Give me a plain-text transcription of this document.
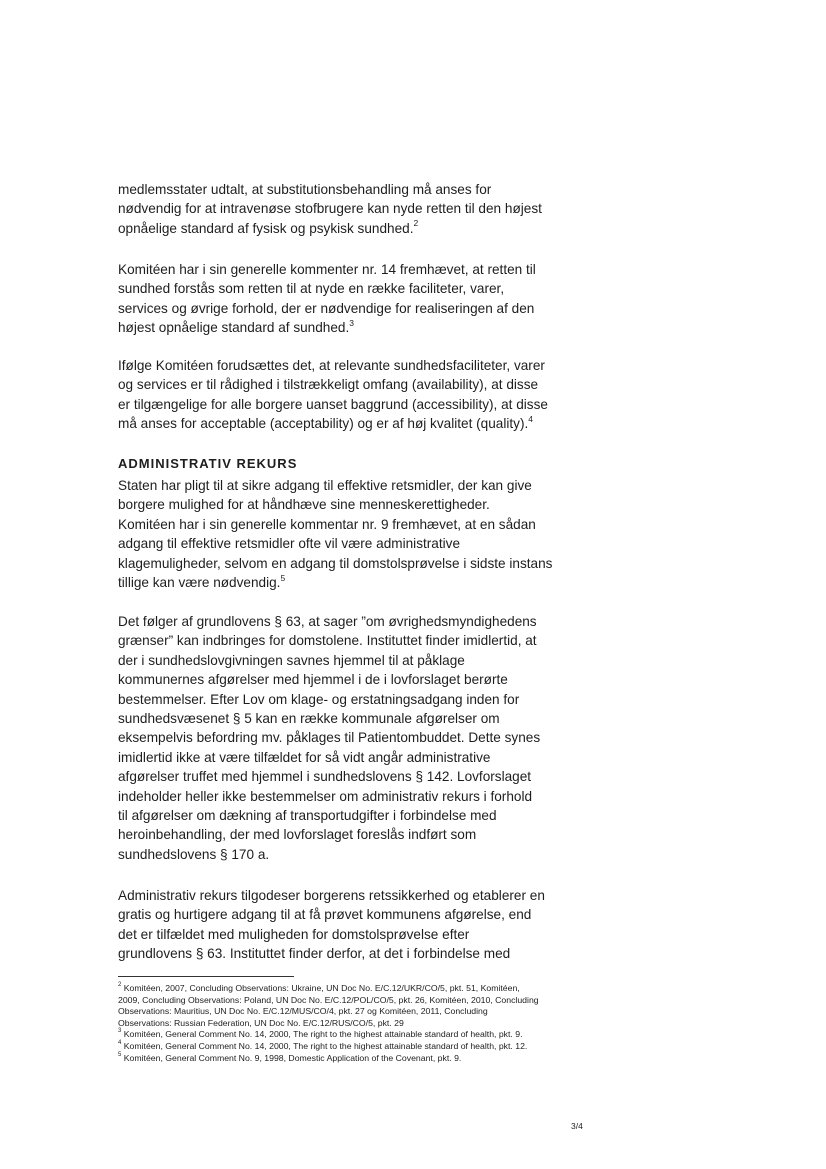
medlemsstater udtalt, at substitutionsbehandling må anses for
nødvendig for at intravenøse stofbrugere kan nyde retten til den højest
opnåelige standard af fysisk og psykisk sundhed.$^2$

Komitéen har i sin generelle kommenter nr. 14 fremhævet, at retten til
sundhed forstås som retten til at nyde en række faciliteter, varer,
services og øvrige forhold, der er nødvendige for realiseringen af den
højest opnåelige standard af sundhed.$^3$

Ifølge Komitéen forudsættes det, at relevante sundhedsfaciliteter, varer
og services er til rådighed i tilstrækkeligt omfang (availability), at disse
er tilgængelige for alle borgere uanset baggrund (accessibility), at disse
må anses for acceptable (acceptability) og er af høj kvalitet (quality).$^4$

ADMINISTRATIV REKURS

Staten har pligt til at sikre adgang til effektive retsmidler, der kan give
borgere mulighed for at håndhæve sine menneskerettigheder.
Komitéen har i sin generelle kommentar nr. 9 fremhævet, at en sådan
adgang til effektive retsmidler ofte vil være administrative
klagemuligheder, selvom en adgang til domstolsprøvelse i sidste instans
tillige kan være nødvendig.$^5$

Det følger af grundlovens § 63, at sager ”om øvrighedsmyndighedens
grænser” kan indbringes for domstolene. Instituttet finder imidlertid, at
der i sundhedslovgivningen savnes hjemmel til at påklage
kommunernes afgørelser med hjemmel i de i lovforslaget berørte
bestemmelser. Efter Lov om klage- og erstatningsadgang inden for
sundhedsvæsenet § 5 kan en række kommunale afgørelser om
eksempelvis befordring mv. påklages til Patientombuddet. Dette synes
imidlertid ikke at være tilfældet for så vidt angår administrative
afgørelser truffet med hjemmel i sundhedslovens § 142. Lovforslaget
indeholder heller ikke bestemmelser om administrativ rekurs i forhold
til afgørelser om dækning af transportudgifter i forbindelse med
heroinbehandling, der med lovforslaget foreslås indført som
sundhedslovens § 170 a.

Administrativ rekurs tilgodeser borgerens retssikkerhed og etablerer en
gratis og hurtigere adgang til at få prøvet kommunens afgørelse, end
det er tilfældet med muligheden for domstolsprøvelse efter
grundlovens § 63. Instituttet finder derfor, at det i forbindelse med

$^2$ Komitéen, 2007, Concluding Observations: Ukraine, UN Doc No. E/C.12/UKR/CO/5, pkt. 51, Komitéen,
2009, Concluding Observations: Poland, UN Doc No. E/C.12/POL/CO/5, pkt. 26, Komitéen, 2010, Concluding
Observations: Mauritius, UN Doc No. E/C.12/MUS/CO/4, pkt. 27 og Komitéen, 2011, Concluding
Observations: Russian Federation, UN Doc No. E/C.12/RUS/CO/5, pkt. 29

$^3$ Komitéen, General Comment No. 14, 2000, The right to the highest attainable standard of health, pkt. 9.

$^4$ Komitéen, General Comment No. 14, 2000, The right to the highest attainable standard of health, pkt. 12.

$^5$ Komitéen, General Comment No. 9, 1998, Domestic Application of the Covenant, pkt. 9.

3/4
